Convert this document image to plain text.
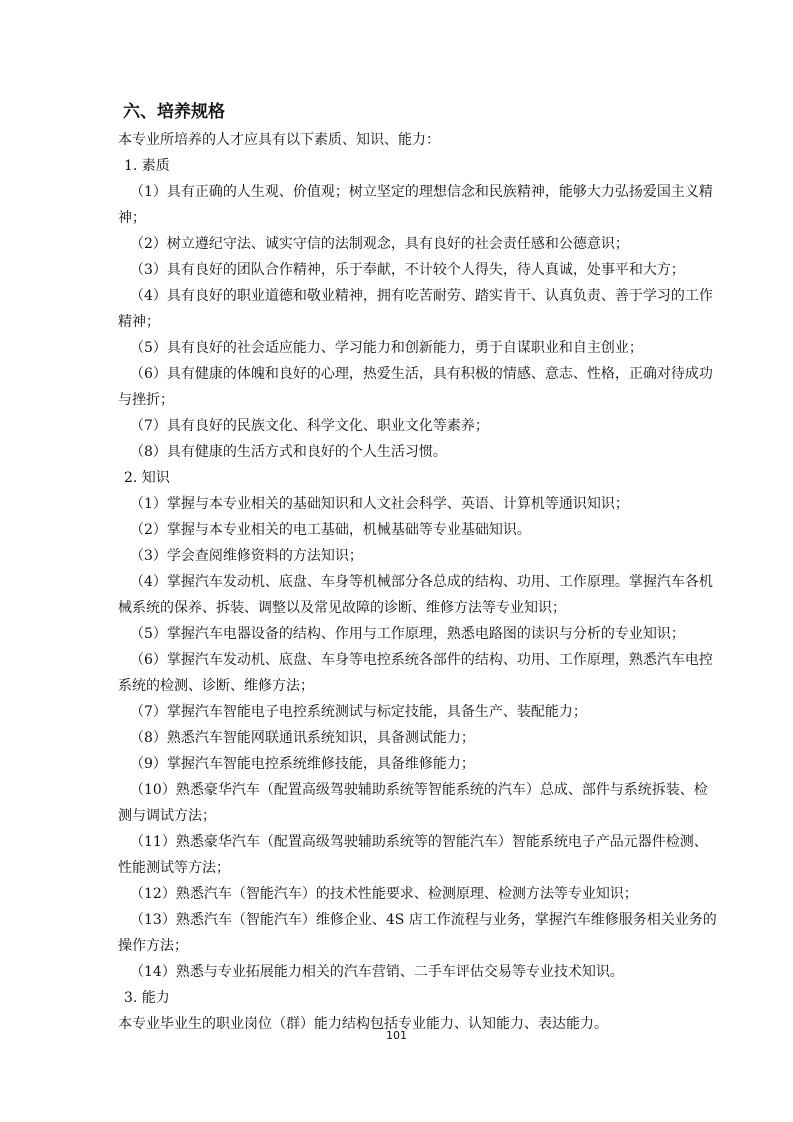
六、培养规格
本专业所培养的人才应具有以下素质、知识、能力：
1. 素质
（1）具有正确的人生观、价值观；树立坚定的理想信念和民族精神，能够大力弘扬爱国主义精
神；
（2）树立遵纪守法、诚实守信的法制观念，具有良好的社会责任感和公德意识；
（3）具有良好的团队合作精神，乐于奉献，不计较个人得失，待人真诚，处事平和大方；
（4）具有良好的职业道德和敬业精神，拥有吃苦耐劳、踏实肯干、认真负责、善于学习的工作
精神；
（5）具有良好的社会适应能力、学习能力和创新能力，勇于自谋职业和自主创业；
（6）具有健康的体魄和良好的心理，热爱生活，具有积极的情感、意志、性格，正确对待成功
与挫折；
（7）具有良好的民族文化、科学文化、职业文化等素养；
（8）具有健康的生活方式和良好的个人生活习惯。
2. 知识
（1）掌握与本专业相关的基础知识和人文社会科学、英语、计算机等通识知识；
（2）掌握与本专业相关的电工基础，机械基础等专业基础知识。
（3）学会查阅维修资料的方法知识；
（4）掌握汽车发动机、底盘、车身等机械部分各总成的结构、功用、工作原理。掌握汽车各机
械系统的保养、拆装、调整以及常见故障的诊断、维修方法等专业知识；
（5）掌握汽车电器设备的结构、作用与工作原理，熟悉电路图的读识与分析的专业知识；
（6）掌握汽车发动机、底盘、车身等电控系统各部件的结构、功用、工作原理，熟悉汽车电控
系统的检测、诊断、维修方法；
（7）掌握汽车智能电子电控系统测试与标定技能，具备生产、装配能力；
（8）熟悉汽车智能网联通讯系统知识，具备测试能力；
（9）掌握汽车智能电控系统维修技能，具备维修能力；
（10）熟悉豪华汽车（配置高级驾驶辅助系统等智能系统的汽车）总成、部件与系统拆装、检
测与调试方法；
（11）熟悉豪华汽车（配置高级驾驶辅助系统等的智能汽车）智能系统电子产品元器件检测、
性能测试等方法；
（12）熟悉汽车（智能汽车）的技术性能要求、检测原理、检测方法等专业知识；
（13）熟悉汽车（智能汽车）维修企业、4S 店工作流程与业务，掌握汽车维修服务相关业务的
操作方法；
（14）熟悉与专业拓展能力相关的汽车营销、二手车评估交易等专业技术知识。
3. 能力
本专业毕业生的职业岗位（群）能力结构包括专业能力、认知能力、表达能力。
101
